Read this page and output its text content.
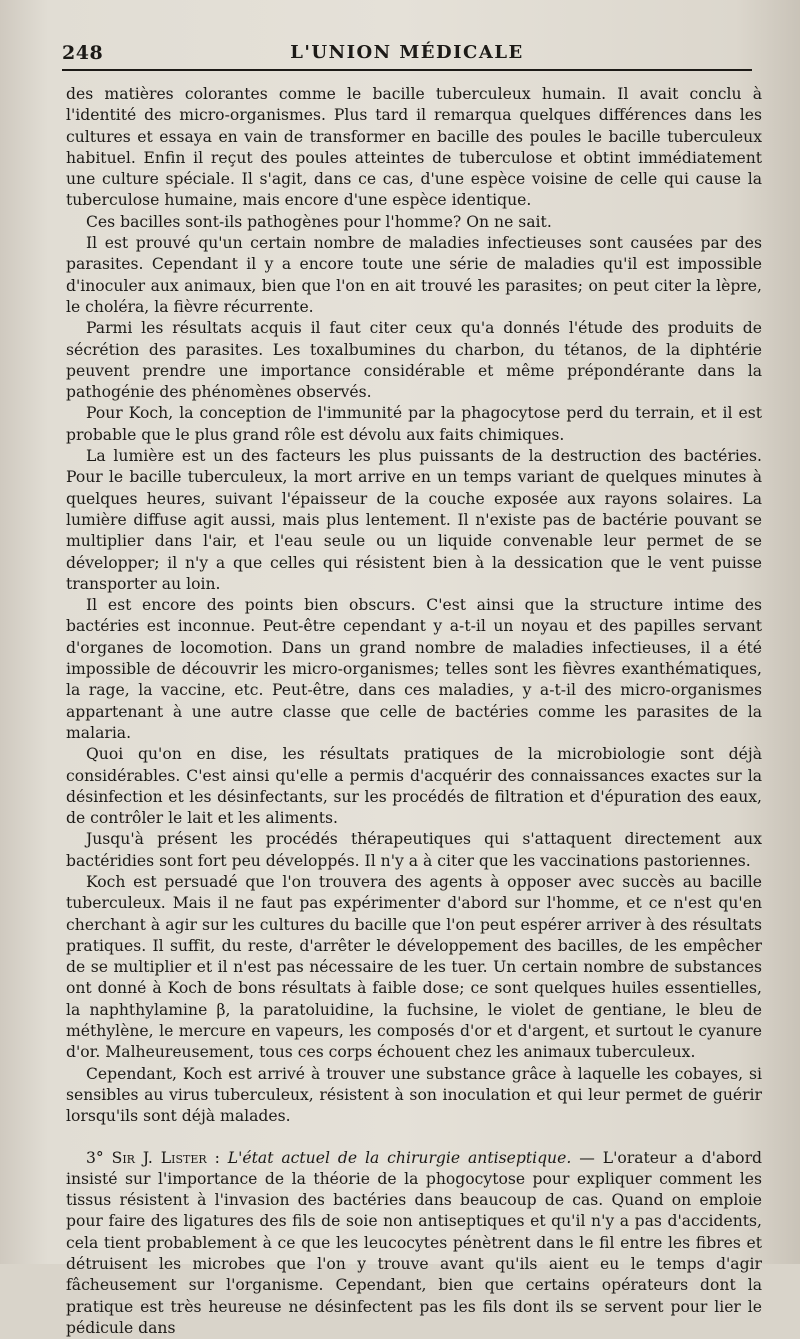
248	L'UNION MÉDICALE

des matières colorantes comme le bacille tuberculeux humain. Il avait conclu à l'identité des micro-organismes. Plus tard il remarqua quelques différences dans les cultures et essaya en vain de transformer en bacille des poules le bacille tuberculeux habituel. Enfin il reçut des poules atteintes de tuberculose et obtint immédiatement une culture spéciale. Il s'agit, dans ce cas, d'une espèce voisine de celle qui cause la tuberculose humaine, mais encore d'une espèce identique.

Ces bacilles sont-ils pathogènes pour l'homme? On ne sait.

Il est prouvé qu'un certain nombre de maladies infectieuses sont causées par des parasites. Cependant il y a encore toute une série de maladies qu'il est impossible d'inoculer aux animaux, bien que l'on en ait trouvé les parasites; on peut citer la lèpre, le choléra, la fièvre récurrente.

Parmi les résultats acquis il faut citer ceux qu'a donnés l'étude des produits de sécrétion des parasites. Les toxalbumines du charbon, du tétanos, de la diphtérie peuvent prendre une importance considérable et même prépondérante dans la pathogénie des phénomènes observés.

Pour Koch, la conception de l'immunité par la phagocytose perd du terrain, et il est probable que le plus grand rôle est dévolu aux faits chimiques.

La lumière est un des facteurs les plus puissants de la destruction des bactéries. Pour le bacille tuberculeux, la mort arrive en un temps variant de quelques minutes à quelques heures, suivant l'épaisseur de la couche exposée aux rayons solaires. La lumière diffuse agit aussi, mais plus lentement. Il n'existe pas de bactérie pouvant se multiplier dans l'air, et l'eau seule ou un liquide convenable leur permet de se développer; il n'y a que celles qui résistent bien à la dessication que le vent puisse transporter au loin.

Il est encore des points bien obscurs. C'est ainsi que la structure intime des bactéries est inconnue. Peut-être cependant y a-t-il un noyau et des papilles servant d'organes de locomotion. Dans un grand nombre de maladies infectieuses, il a été impossible de découvrir les micro-organismes; telles sont les fièvres exanthématiques, la rage, la vaccine, etc. Peut-être, dans ces maladies, y a-t-il des micro-organismes appartenant à une autre classe que celle de bactéries comme les parasites de la malaria.

Quoi qu'on en dise, les résultats pratiques de la microbiologie sont déjà considérables. C'est ainsi qu'elle a permis d'acquérir des connaissances exactes sur la désinfection et les désinfectants, sur les procédés de filtration et d'épuration des eaux, de contrôler le lait et les aliments.

Jusqu'à présent les procédés thérapeutiques qui s'attaquent directement aux bactéridies sont fort peu développés. Il n'y a à citer que les vaccinations pastoriennes.

Koch est persuadé que l'on trouvera des agents à opposer avec succès au bacille tuberculeux. Mais il ne faut pas expérimenter d'abord sur l'homme, et ce n'est qu'en cherchant à agir sur les cultures du bacille que l'on peut espérer arriver à des résultats pratiques. Il suffit, du reste, d'arrêter le développement des bacilles, de les empêcher de se multiplier et il n'est pas nécessaire de les tuer. Un certain nombre de substances ont donné à Koch de bons résultats à faible dose; ce sont quelques huiles essentielles, la naphthylamine β, la paratoluidine, la fuchsine, le violet de gentiane, le bleu de méthylène, le mercure en vapeurs, les composés d'or et d'argent, et surtout le cyanure d'or. Malheureusement, tous ces corps échouent chez les animaux tuberculeux.

Cependant, Koch est arrivé à trouver une substance grâce à laquelle les cobayes, si sensibles au virus tuberculeux, résistent à son inoculation et qui leur permet de guérir lorsqu'ils sont déjà malades.

3° Sir J. Lister : L'état actuel de la chirurgie antiseptique. — L'orateur a d'abord insisté sur l'importance de la théorie de la phogocytose pour expliquer comment les tissus résistent à l'invasion des bactéries dans beaucoup de cas. Quand on emploie pour faire des ligatures des fils de soie non antiseptiques et qu'il n'y a pas d'accidents, cela tient probablement à ce que les leucocytes pénètrent dans le fil entre les fibres et détruisent les microbes que l'on y trouve avant qu'ils aient eu le temps d'agir fâcheusement sur l'organisme. Cependant, bien que certains opérateurs dont la pratique est très heureuse ne désinfectent pas les fils dont ils se servent pour lier le pédicule dans
